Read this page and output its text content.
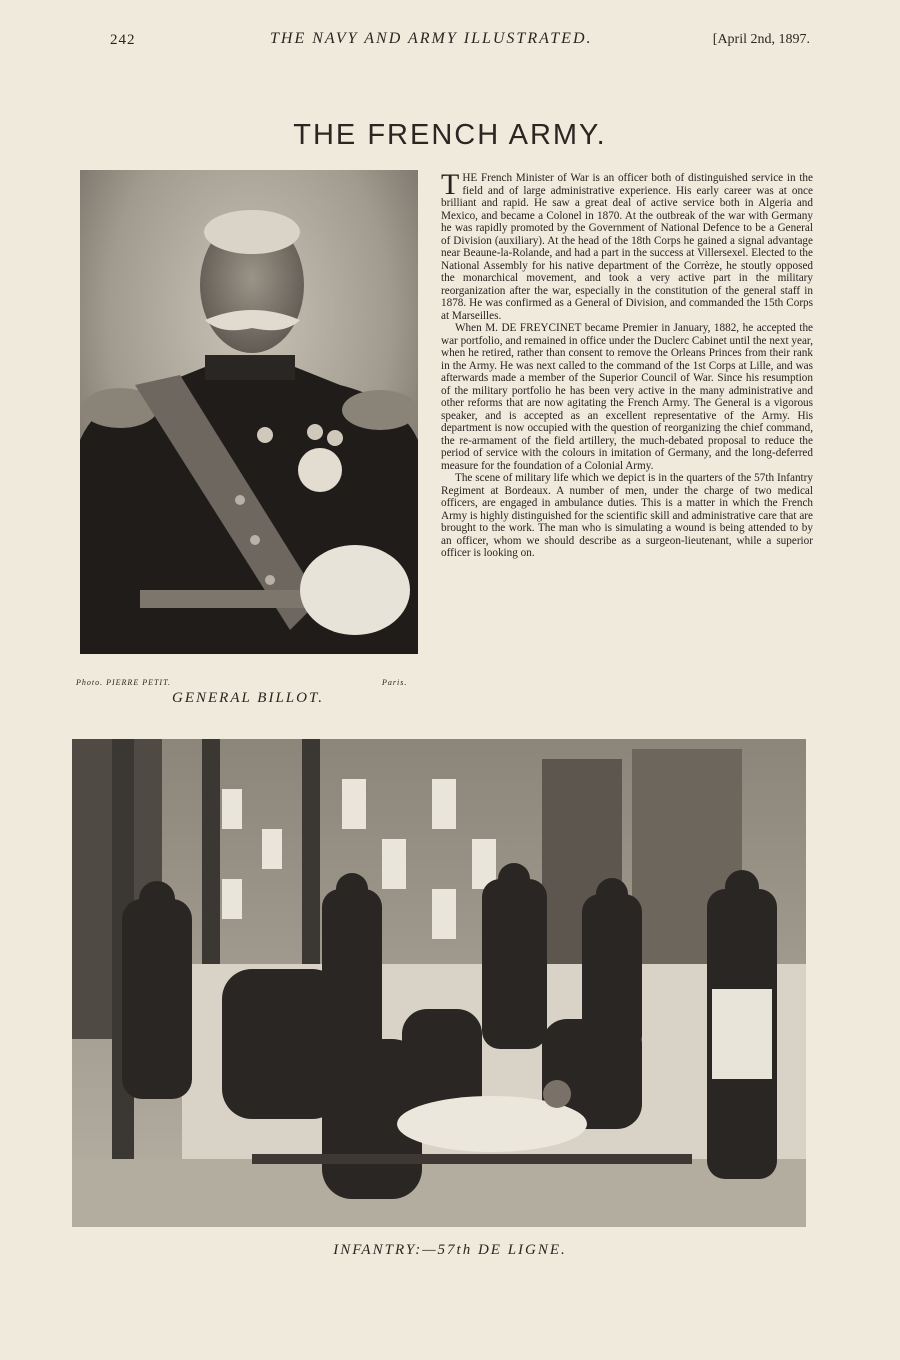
242	THE NAVY AND ARMY ILLUSTRATED.	[April 2nd, 1897.
THE FRENCH ARMY.
Photo. PIERRE PETIT.	Paris.
GENERAL BILLOT.

THE French Minister of War is an officer both of distinguished service in the field and of large administrative experience. His early career was at once brilliant and rapid. He saw a great deal of active service both in Algeria and Mexico, and became a Colonel in 1870. At the outbreak of the war with Germany he was rapidly promoted by the Government of National Defence to be a General of Division (auxiliary). At the head of the 18th Corps he gained a signal advantage near Beaune-la-Rolande, and had a part in the success at Villersexel. Elected to the National Assembly for his native department of the Corrèze, he stoutly opposed the monarchical movement, and took a very active part in the military reorganization after the war, especially in the constitution of the general staff in 1878. He was confirmed as a General of Division, and commanded the 15th Corps at Marseilles.

When M. DE FREYCINET became Premier in January, 1882, he accepted the war portfolio, and remained in office under the Duclerc Cabinet until the next year, when he retired, rather than consent to remove the Orleans Princes from their rank in the Army. He was next called to the command of the 1st Corps at Lille, and was afterwards made a member of the Superior Council of War. Since his resumption of the military portfolio he has been very active in the many administrative and other reforms that are now agitating the French Army. The General is a vigorous speaker, and is accepted as an excellent representative of the Army. His department is now occupied with the question of reorganizing the chief command, the re-armament of the field artillery, the much-debated proposal to reduce the period of service with the colours in imitation of Germany, and the long-deferred measure for the foundation of a Colonial Army.

The scene of military life which we depict is in the quarters of the 57th Infantry Regiment at Bordeaux. A number of men, under the charge of two medical officers, are engaged in ambulance duties. This is a matter in which the French Army is highly distinguished for the scientific skill and administrative care that are brought to the work. The man who is simulating a wound is being attended to by an officer, whom we should describe as a surgeon-lieutenant, while a superior officer is looking on.

INFANTRY:—57th DE LIGNE.
